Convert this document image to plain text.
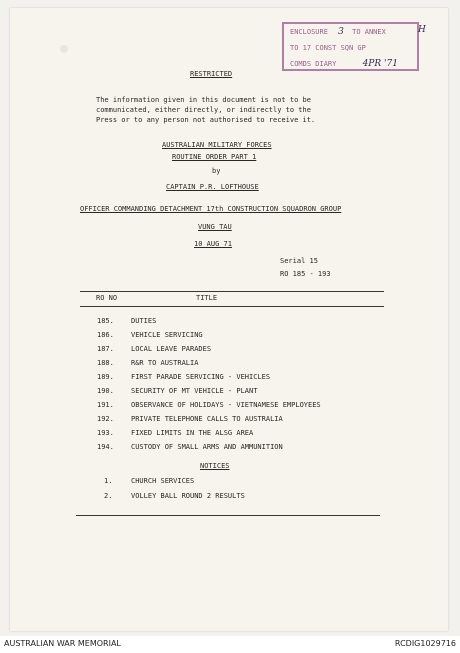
ENCLOSURE 3 TO ANNEX	H
TO 17 CONST SQN GP
COMDS DIARY	4PR '71
RESTRICTED
The information given in this document is not to be
communicated, either directly, or indirectly to the
Press or to any person not authorised to receive it.
AUSTRALIAN MILITARY FORCES
ROUTINE ORDER PART 1
by
CAPTAIN P.R. LOFTHOUSE
OFFICER COMMANDING DETACHMENT 17th CONSTRUCTION SQUADRON GROUP
VUNG TAU
10 AUG 71
Serial 15
RO 185 - 193
RO NO	TITLE
185. DUTIES
186. VEHICLE SERVICING
187. LOCAL LEAVE PARADES
188. R&R TO AUSTRALIA
189. FIRST PARADE SERVICING - VEHICLES
190. SECURITY OF MT VEHICLE - PLANT
191. OBSERVANCE OF HOLIDAYS - VIETNAMESE EMPLOYEES
192. PRIVATE TELEPHONE CALLS TO AUSTRALIA
193. FIXED LIMITS IN THE ALSG AREA
194. CUSTODY OF SMALL ARMS AND AMMUNITION
NOTICES
1.	CHURCH SERVICES
2.	VOLLEY BALL ROUND 2 RESULTS
AUSTRALIAN WAR MEMORIAL	RCDIG1029716
